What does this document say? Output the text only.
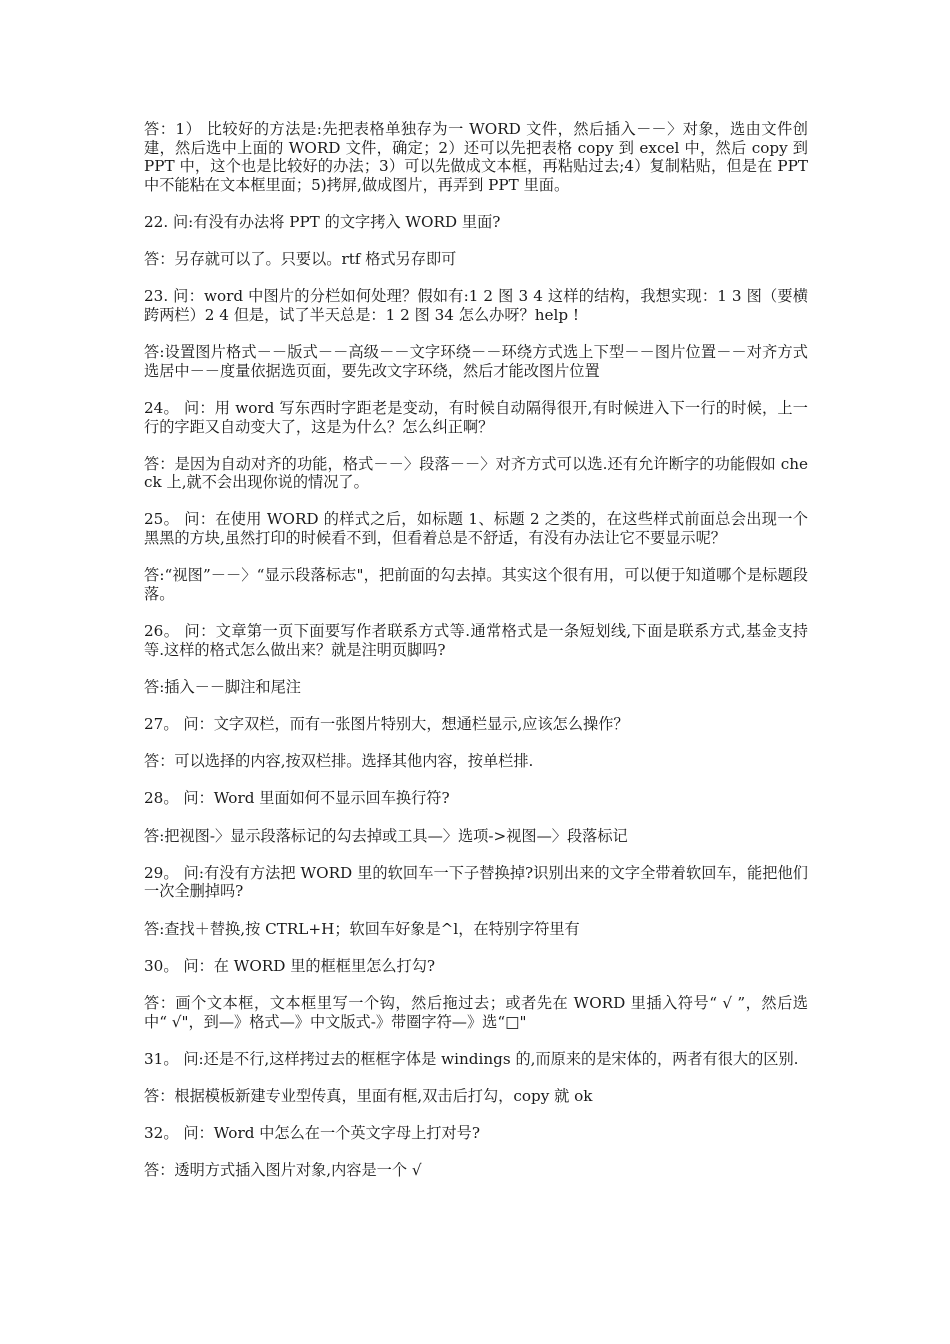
答：1） 比较好的方法是:先把表格单独存为一 WORD 文件，然后插入－－〉对象，选由文件创建，然后选中上面的 WORD 文件，确定；2）还可以先把表格 copy 到 excel 中，然后 copy 到 PPT 中，这个也是比较好的办法；3）可以先做成文本框，再粘贴过去;4）复制粘贴，但是在 PPT 中不能粘在文本框里面；5)拷屏,做成图片，再弄到 PPT 里面。

22. 问:有没有办法将 PPT 的文字拷入 WORD 里面?

答：另存就可以了。只要以。rtf 格式另存即可

23. 问：word 中图片的分栏如何处理？假如有:1 2 图 3 4 这样的结构，我想实现：1 3 图（要横跨两栏）2 4 但是，试了半天总是：1 2 图 34 怎么办呀？help !

答:设置图片格式－－版式－－高级－－文字环绕－－环绕方式选上下型－－图片位置－－对齐方式选居中－－度量依据选页面，要先改文字环绕，然后才能改图片位置

24。 问：用 word 写东西时字距老是变动，有时候自动隔得很开,有时候进入下一行的时候，上一行的字距又自动变大了，这是为什么？怎么纠正啊？

答：是因为自动对齐的功能，格式－－〉段落－－〉对齐方式可以选.还有允许断字的功能假如 check 上,就不会出现你说的情况了。

25。 问：在使用 WORD 的样式之后，如标题 1、标题 2 之类的，在这些样式前面总会出现一个黑黑的方块,虽然打印的时候看不到，但看着总是不舒适，有没有办法让它不要显示呢？

答:“视图”－－〉“显示段落标志"，把前面的勾去掉。其实这个很有用，可以便于知道哪个是标题段落。

26。 问：文章第一页下面要写作者联系方式等.通常格式是一条短划线,下面是联系方式,基金支持等.这样的格式怎么做出来？就是注明页脚吗?

答:插入－－脚注和尾注

27。 问：文字双栏，而有一张图片特别大，想通栏显示,应该怎么操作？

答：可以选择的内容,按双栏排。选择其他内容，按单栏排.

28。 问：Word 里面如何不显示回车换行符?

答:把视图-〉显示段落标记的勾去掉或工具—〉选项->视图—〉段落标记

29。 问:有没有方法把 WORD 里的软回车一下子替换掉?识别出来的文字全带着软回车，能把他们一次全删掉吗?

答:查找＋替换,按 CTRL+H；软回车好象是^l，在特别字符里有

30。 问：在 WORD 里的框框里怎么打勾?

答：画个文本框，文本框里写一个钩，然后拖过去；或者先在 WORD 里插入符号“ √ ”，然后选中“ √"，到—》格式—》中文版式-》带圈字符—》选“□"

31。 问:还是不行,这样拷过去的框框字体是 windings 的,而原来的是宋体的，两者有很大的区别.

答：根据模板新建专业型传真，里面有框,双击后打勾，copy 就 ok

32。 问：Word 中怎么在一个英文字母上打对号?

答：透明方式插入图片对象,内容是一个 √
